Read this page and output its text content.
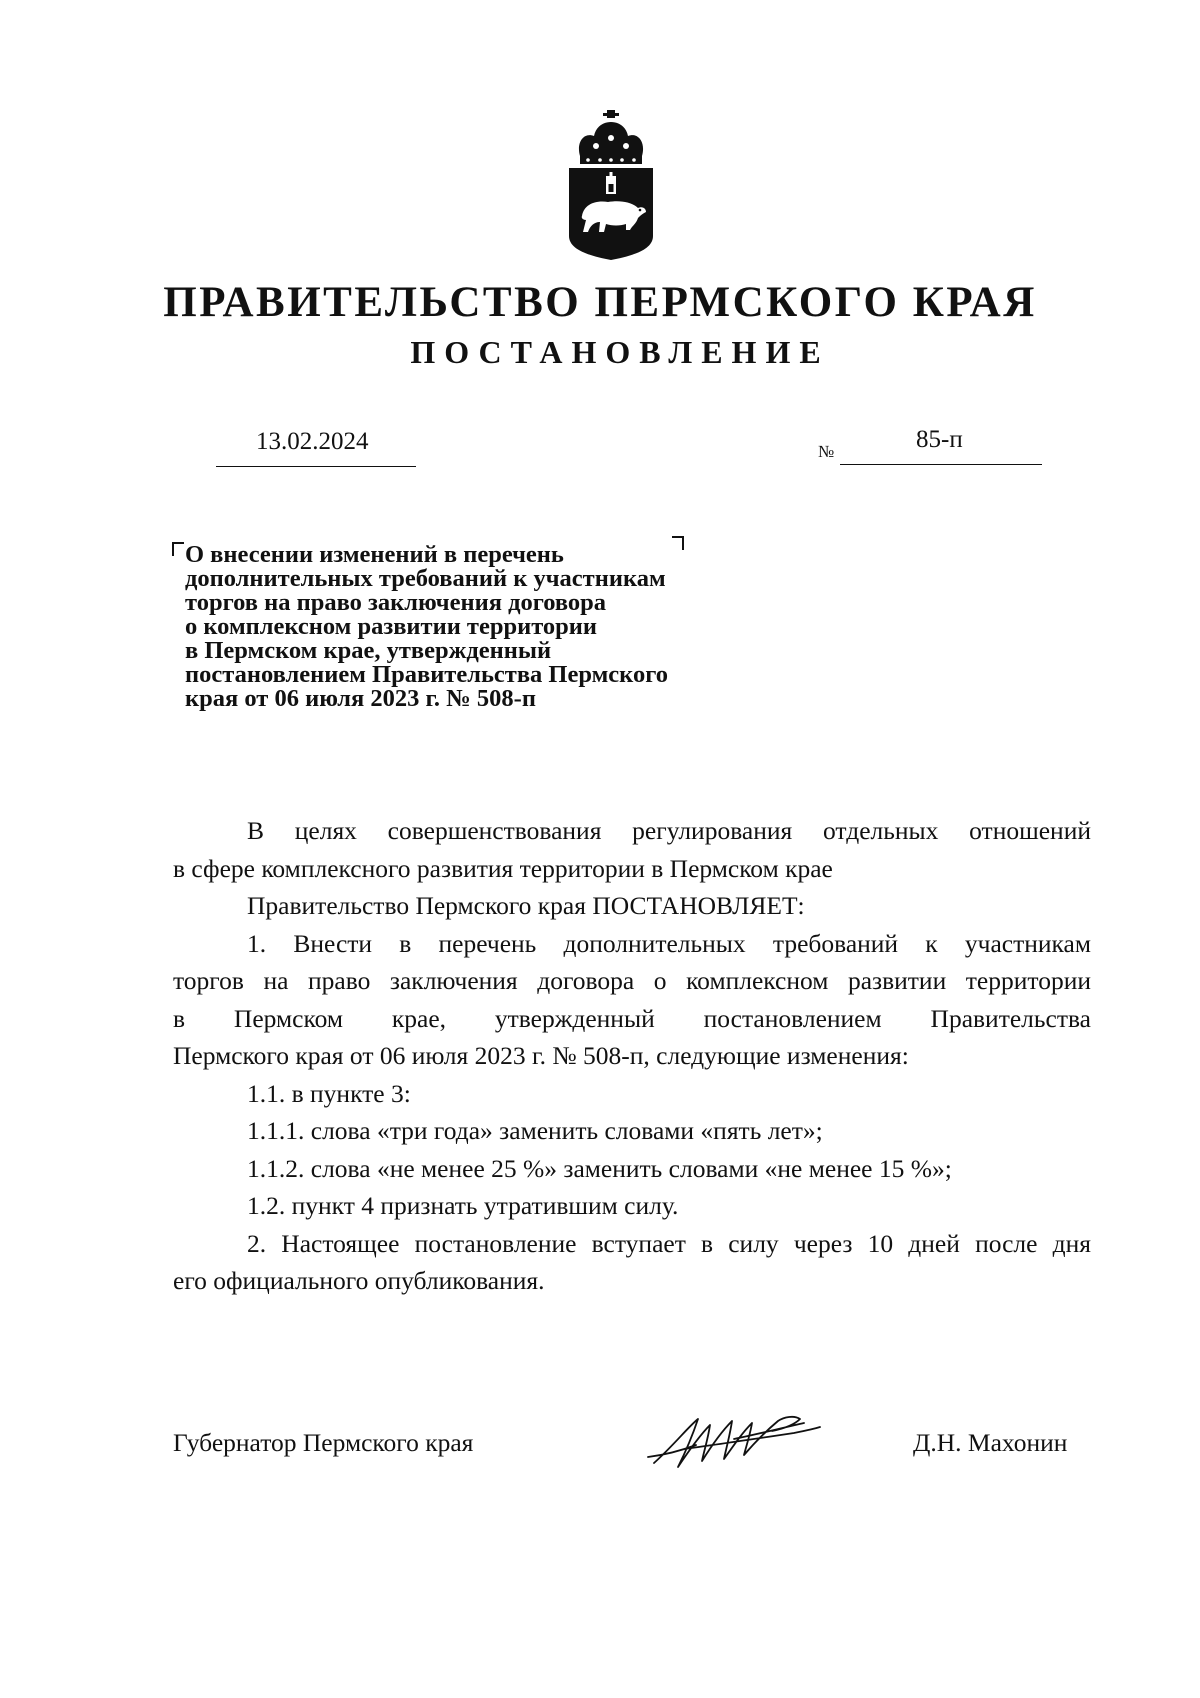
ПРАВИТЕЛЬСТВО ПЕРМСКОГО КРАЯ
ПОСТАНОВЛЕНИЕ
13.02.2024	№	85-п
О внесении изменений в перечень
дополнительных требований к участникам
торгов на право заключения договора
о комплексном развитии территории
в Пермском крае, утвержденный
постановлением Правительства Пермского
края от 06 июля 2023 г. № 508-п
В целях совершенствования регулирования отдельных отношений
в сфере комплексного развития территории в Пермском крае
Правительство Пермского края ПОСТАНОВЛЯЕТ:
1. Внести в перечень дополнительных требований к участникам
торгов на право заключения договора о комплексном развитии территории
в Пермском крае, утвержденный постановлением Правительства
Пермского края от 06 июля 2023 г. № 508-п, следующие изменения:
1.1. в пункте 3:
1.1.1. слова «три года» заменить словами «пять лет»;
1.1.2. слова «не менее 25 %» заменить словами «не менее 15 %»;
1.2. пункт 4 признать утратившим силу.
2. Настоящее постановление вступает в силу через 10 дней после дня
его официального опубликования.
Губернатор Пермского края	Д.Н. Махонин
